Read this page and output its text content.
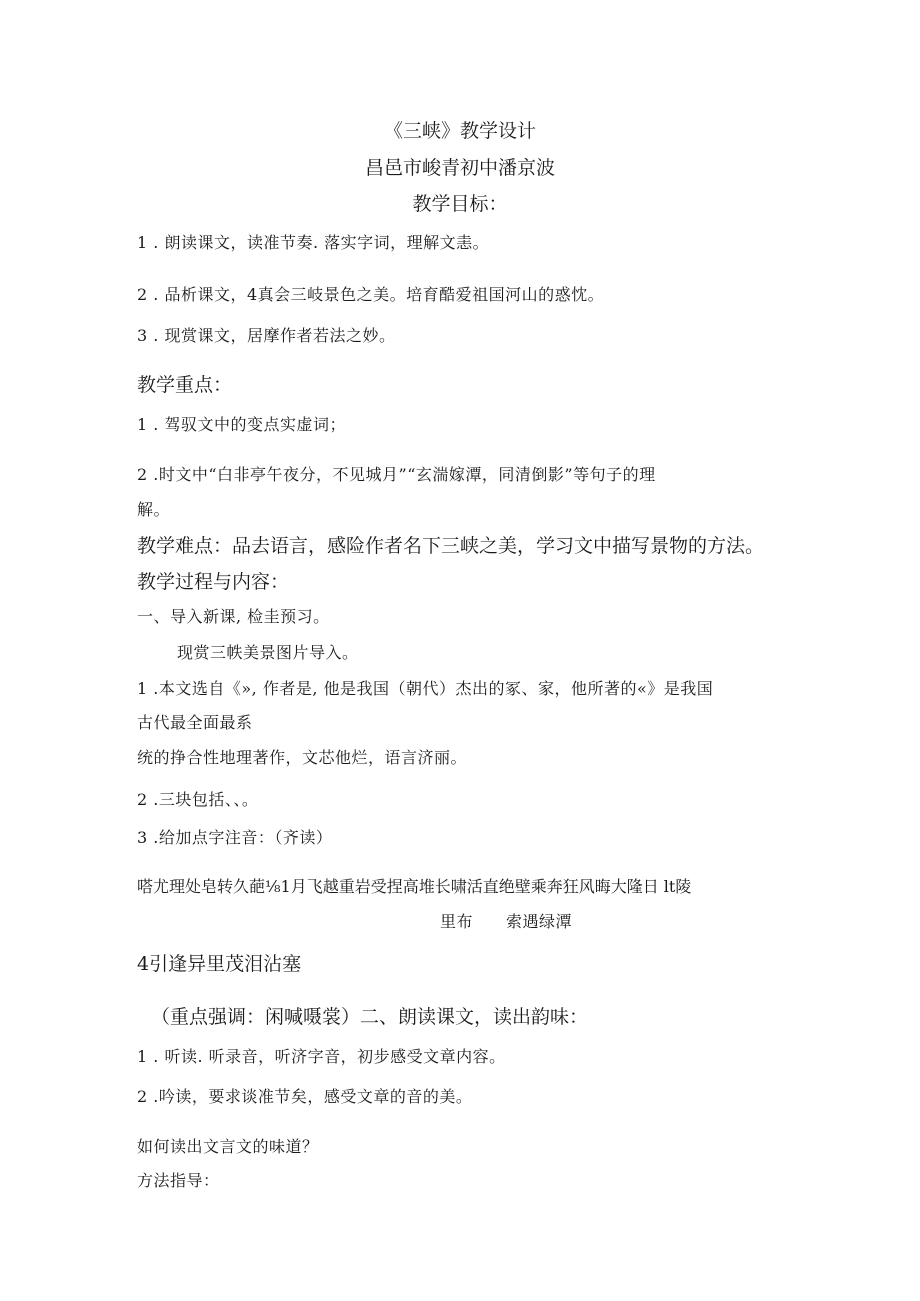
《三峡》教学设计

昌邑市峻青初中潘京波

教学目标：

1 . 朗读课文，读准节奏. 落实字词，理解文恚。

2 . 品析课文，4真会三岐景色之美。培育酷爱祖国河山的惑忱。

3 . 现赏课文，居摩作者若法之妙。

教学重点：

1 . 驾驭文中的变点实虚词；

2 .时文中“白非亭午夜分，不见城月”“玄湍嫁潭，同清倒影”等句子的理

解。

教学难点：品去语言，感险作者名下三峡之美，学习文中描写景物的方法。

教学过程与内容：

一、导入新课, 检圭预习。

现赏三帙美景图片导入。

1 .本文选自《», 作者是, 他是我国（朝代）杰出的冢、家，他所著的«》是我国

古代最全面最系

统的挣合性地理著作，文芯他烂，语言济丽。

2 .三块包括、、。

3 .给加点字注音：（齐读）

嗒尤理处皂转久葩⅛1月飞越重岩受捏高堆长啸活直绝壁乘奔狂风晦大隆日 lt陵

里布　　索遇绿潭

4引逢异里茂泪沾塞

（重点强调：闲喊嗫裳）二、朗读课文，读出韵味：

1 . 听读. 听录音，听济字音，初步感受文章内容。

2 .吟读，要求谈准节矣，感受文章的音的美。

如何读出文言文的味道？

方法指导：
